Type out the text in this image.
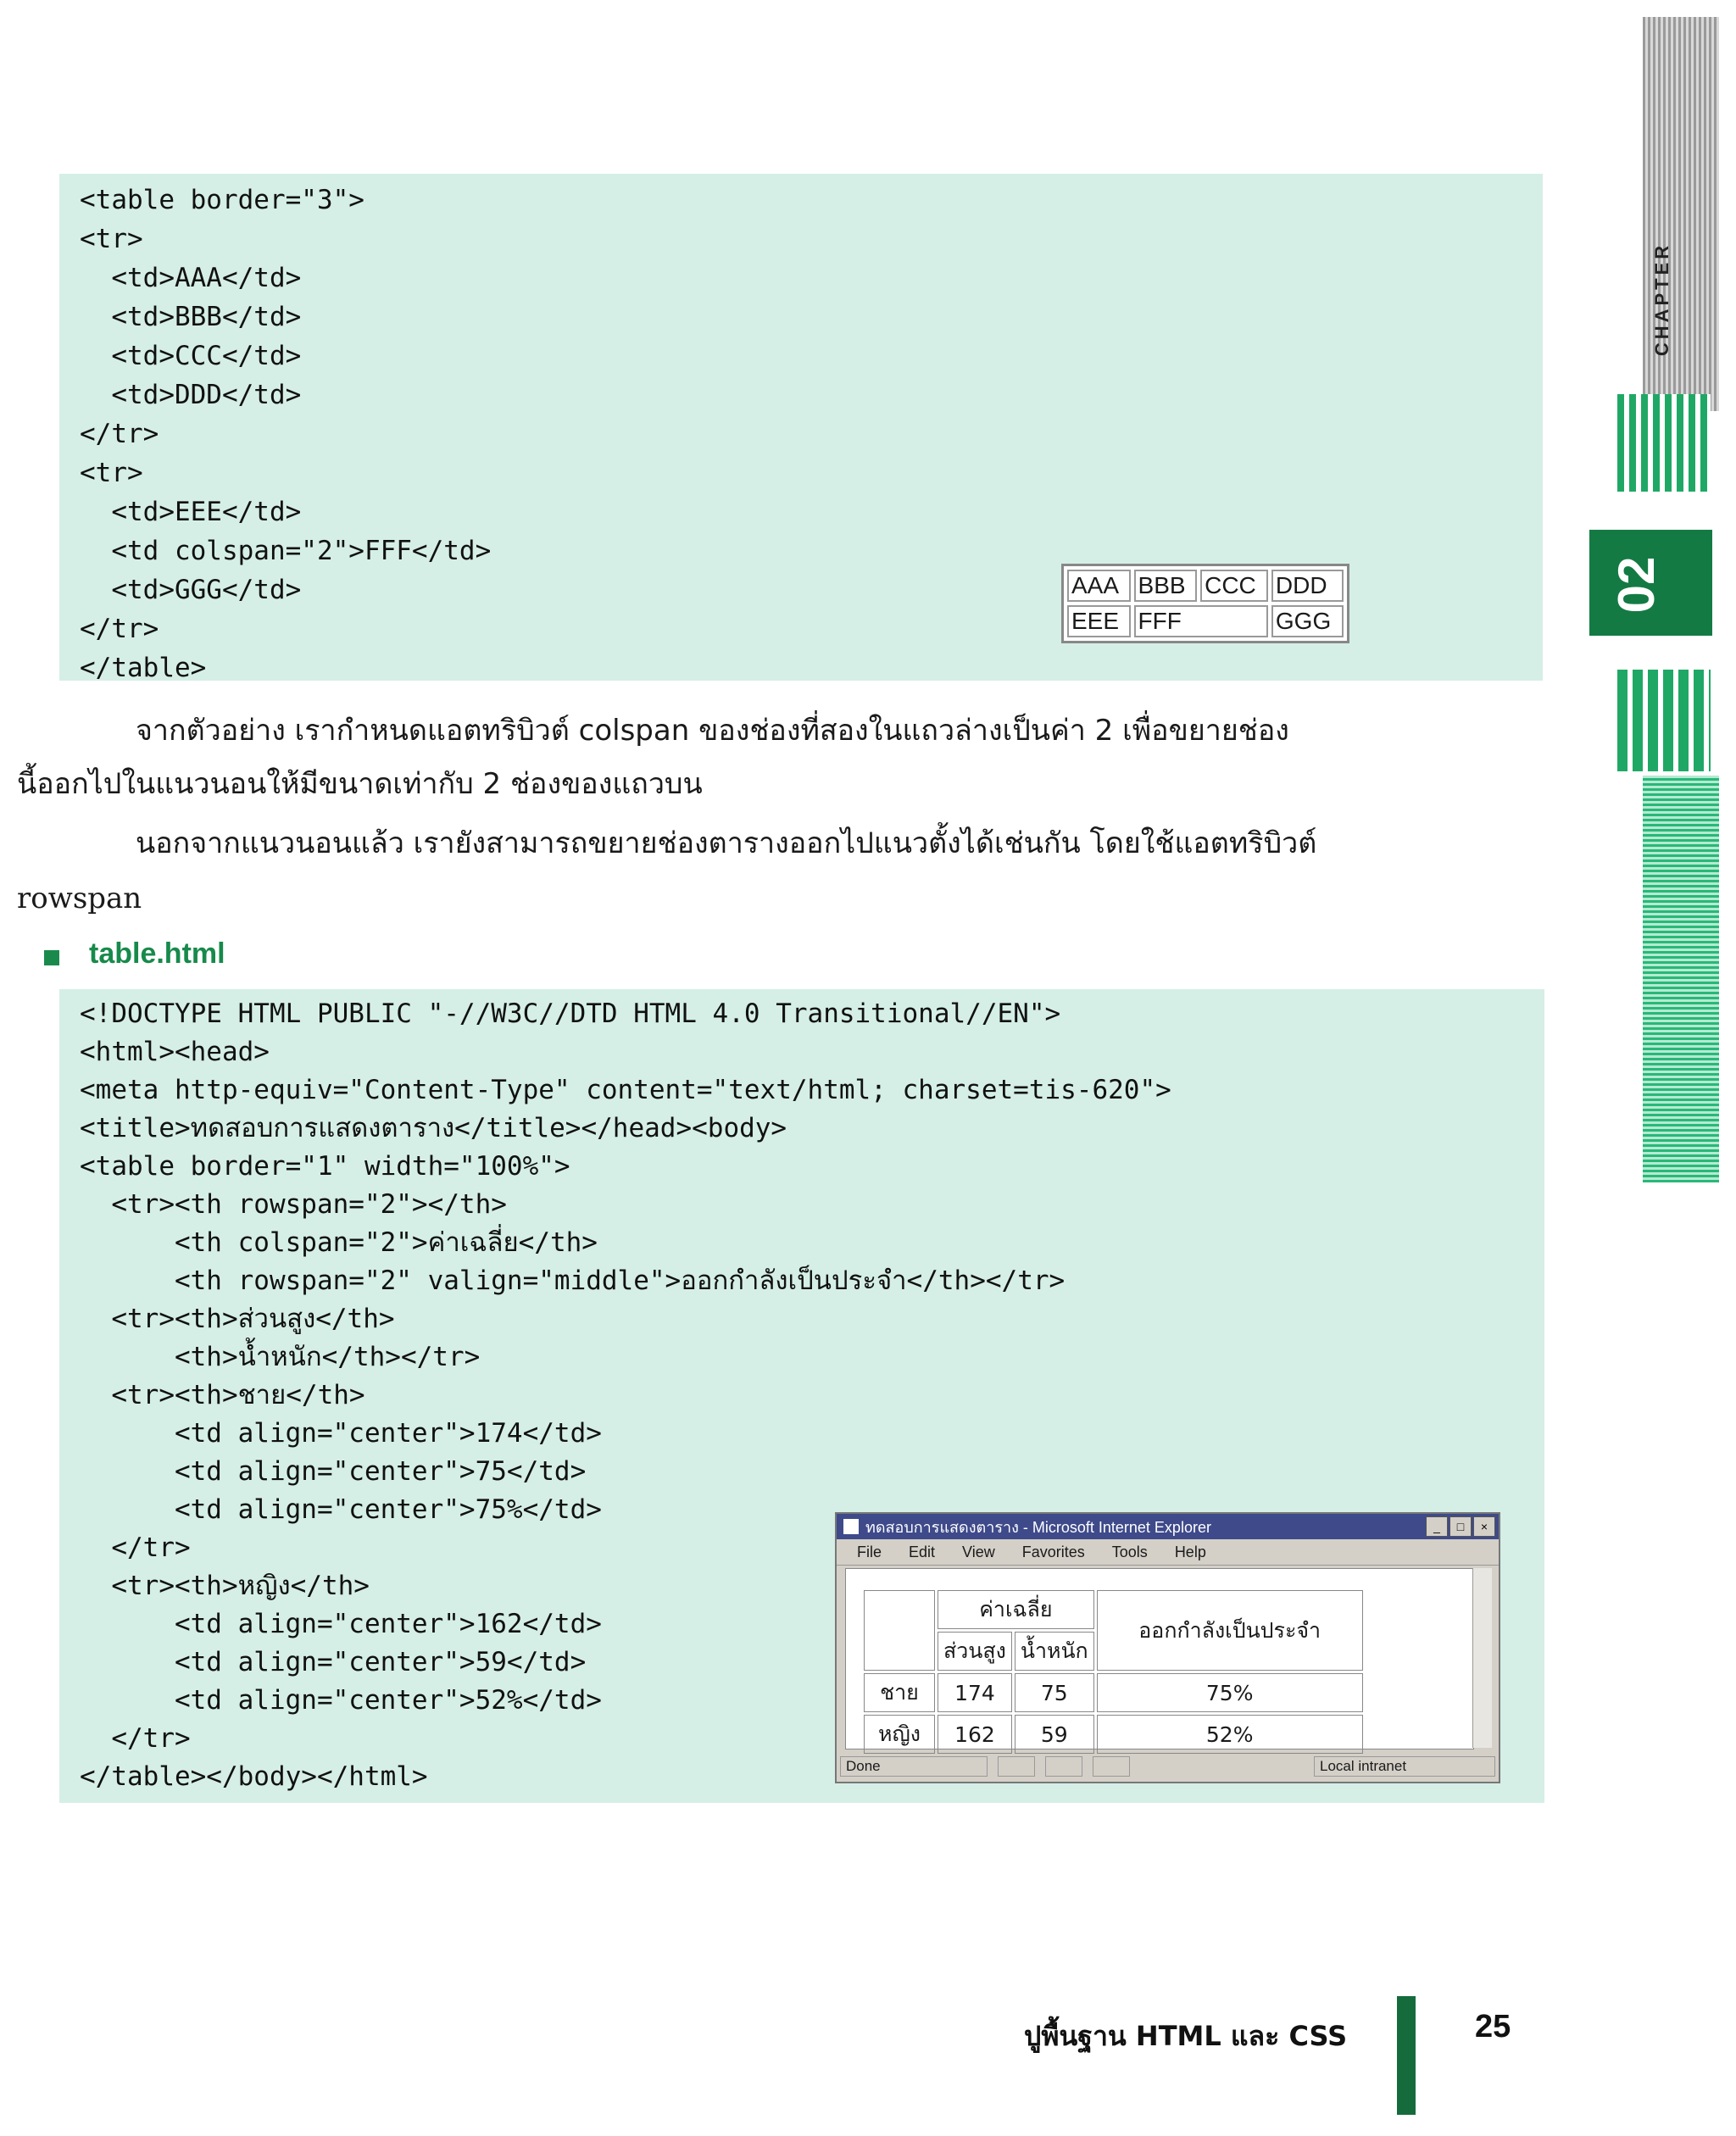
<table border="3">
<tr>
<td>AAA</td>
<td>BBB</td>
<td>CCC</td>
<td>DDD</td>
</tr>
<tr>
<td>EEE</td>
<td colspan="2">FFF</td>
<td>GGG</td>
</tr>
</table>
AAA	BBB	CCC	DDD
EEE	FFF		GGG
จากตัวอย่าง เรากำหนดแอตทริบิวต์ colspan ของช่องที่สองในแถวล่างเป็นค่า 2 เพื่อขยายช่อง
นี้ออกไปในแนวนอนให้มีขนาดเท่ากับ 2 ช่องของแถวบน
นอกจากแนวนอนแล้ว เรายังสามารถขยายช่องตารางออกไปแนวตั้งได้เช่นกัน โดยใช้แอตทริบิวต์
rowspan
table.html
<!DOCTYPE HTML PUBLIC "-//W3C//DTD HTML 4.0 Transitional//EN">
<html><head>
<meta http-equiv="Content-Type" content="text/html; charset=tis-620">
<title>ทดสอบการแสดงตาราง</title></head><body>
<table border="1" width="100%">
<tr><th rowspan="2"></th>
<th colspan="2">ค่าเฉลี่ย</th>
<th rowspan="2" valign="middle">ออกกำลังเป็นประจำ</th></tr>
<tr><th>ส่วนสูง</th>
<th>น้ำหนัก</th></tr>
<tr><th>ชาย</th>
<td align="center">174</td>
<td align="center">75</td>
<td align="center">75%</td>
</tr>
<tr><th>หญิง</th>
<td align="center">162</td>
<td align="center">59</td>
<td align="center">52%</td>
</tr>
</table></body></html>
ทดสอบการแสดงตาราง - Microsoft Internet Explorer	_	□	×
File Edit View Favorites Tools Help
	ค่าเฉลี่ย		ออกกำลังเป็นประจำ
	ส่วนสูง	น้ำหนัก	
ชาย	174	75	75%
หญิง	162	59	52%
Done	Local intranet
CHAPTER
02
ปูพื้นฐาน HTML และ CSS	25
